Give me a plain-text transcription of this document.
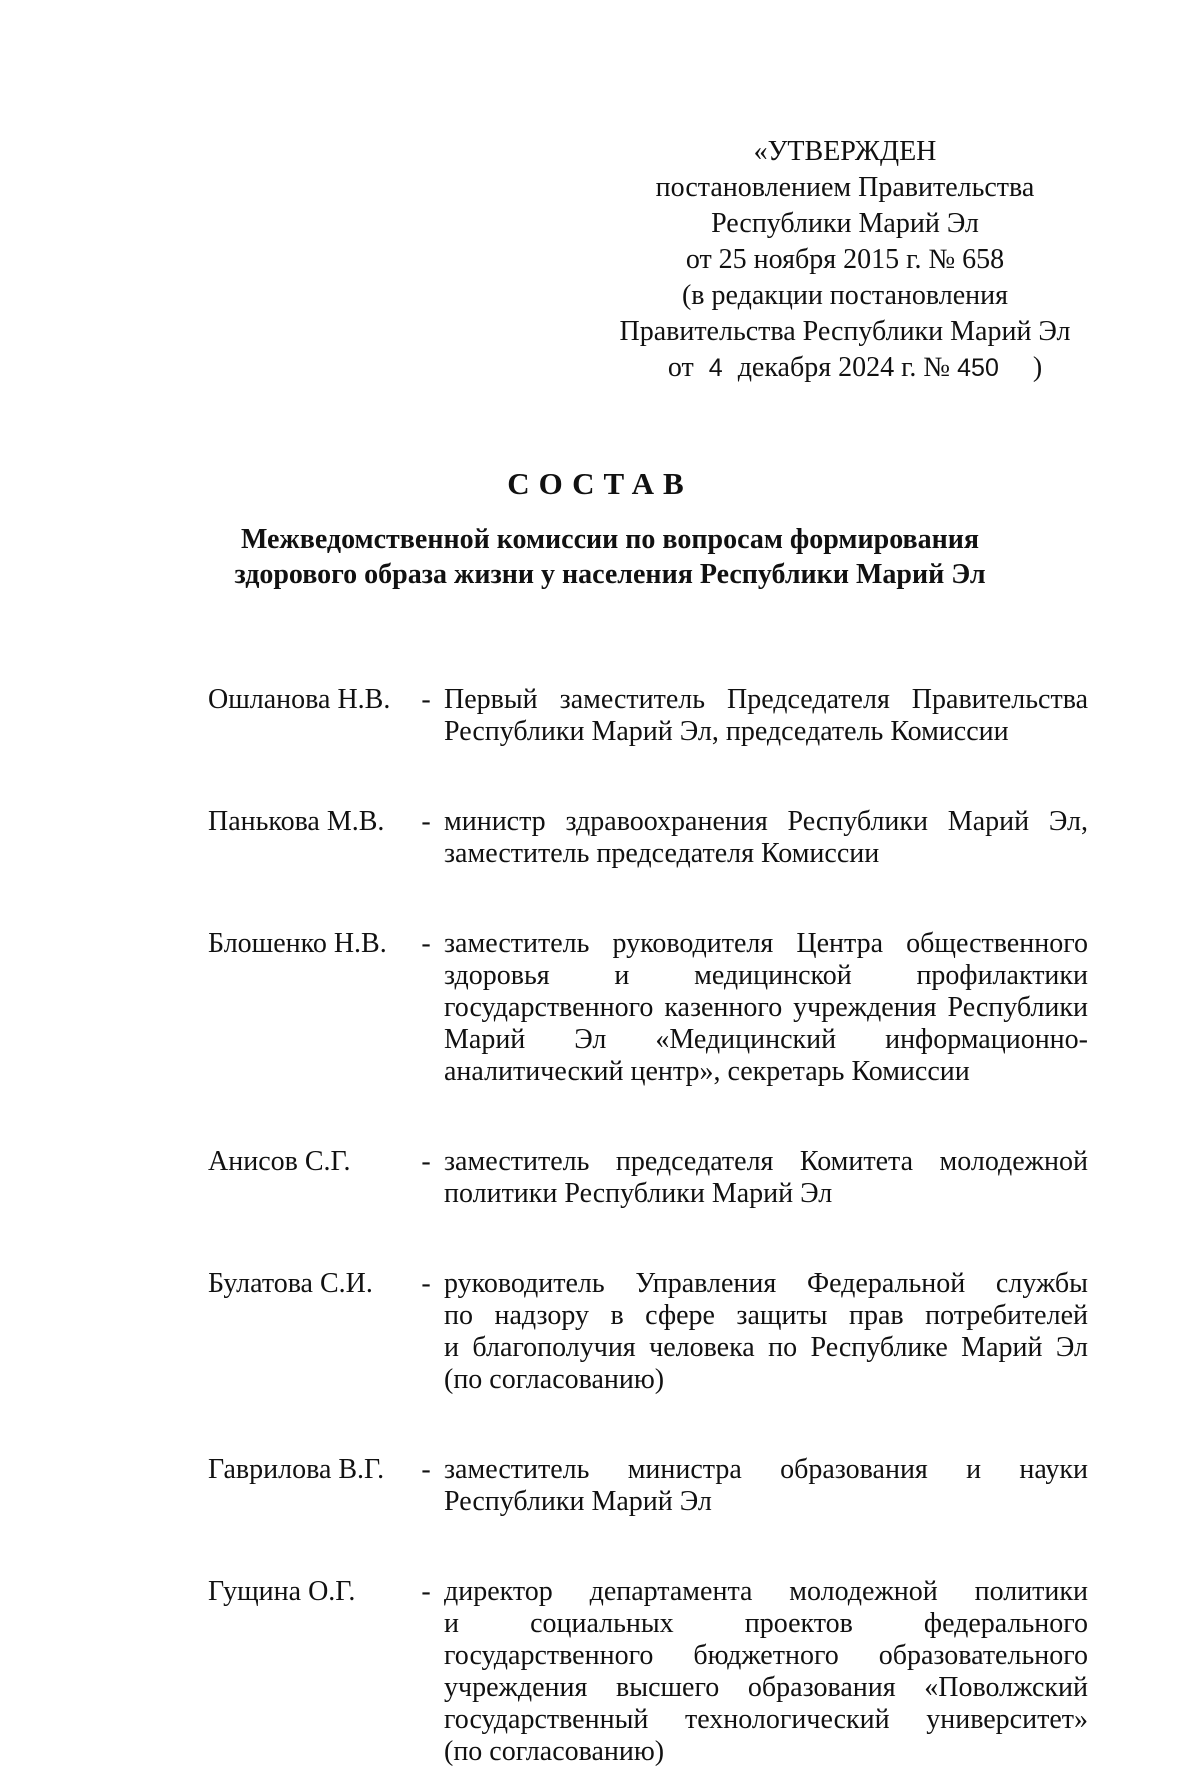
«УТВЕРЖДЕН
постановлением Правительства
Республики Марий Эл
от 25 ноября 2015 г. № 658
(в редакции постановления
Правительства Республики Марий Эл
от 4 декабря 2024 г. № 450 )
СОСТАВ
Межведомственной комиссии по вопросам формирования
здорового образа жизни у населения Республики Марий Эл
Ошланова Н.В.	- Первый заместитель Председателя Правительства
Республики Марий Эл, председатель Комиссии
Панькова М.В.	- министр здравоохранения Республики Марий Эл,
заместитель председателя Комиссии
Блошенко Н.В.	- заместитель руководителя Центра общественного
здоровья и медицинской профилактики
государственного казенного учреждения Республики
Марий Эл «Медицинский информационно-
аналитический центр», секретарь Комиссии
Анисов С.Г.	- заместитель председателя Комитета молодежной
политики Республики Марий Эл
Булатова С.И.	- руководитель Управления Федеральной службы
по надзору в сфере защиты прав потребителей
и благополучия человека по Республике Марий Эл
(по согласованию)
Гаврилова В.Г.	- заместитель министра образования и науки
Республики Марий Эл
Гущина О.Г.	- директор департамента молодежной политики
и социальных проектов федерального
государственного бюджетного образовательного
учреждения высшего образования «Поволжский
государственный технологический университет»
(по согласованию)
